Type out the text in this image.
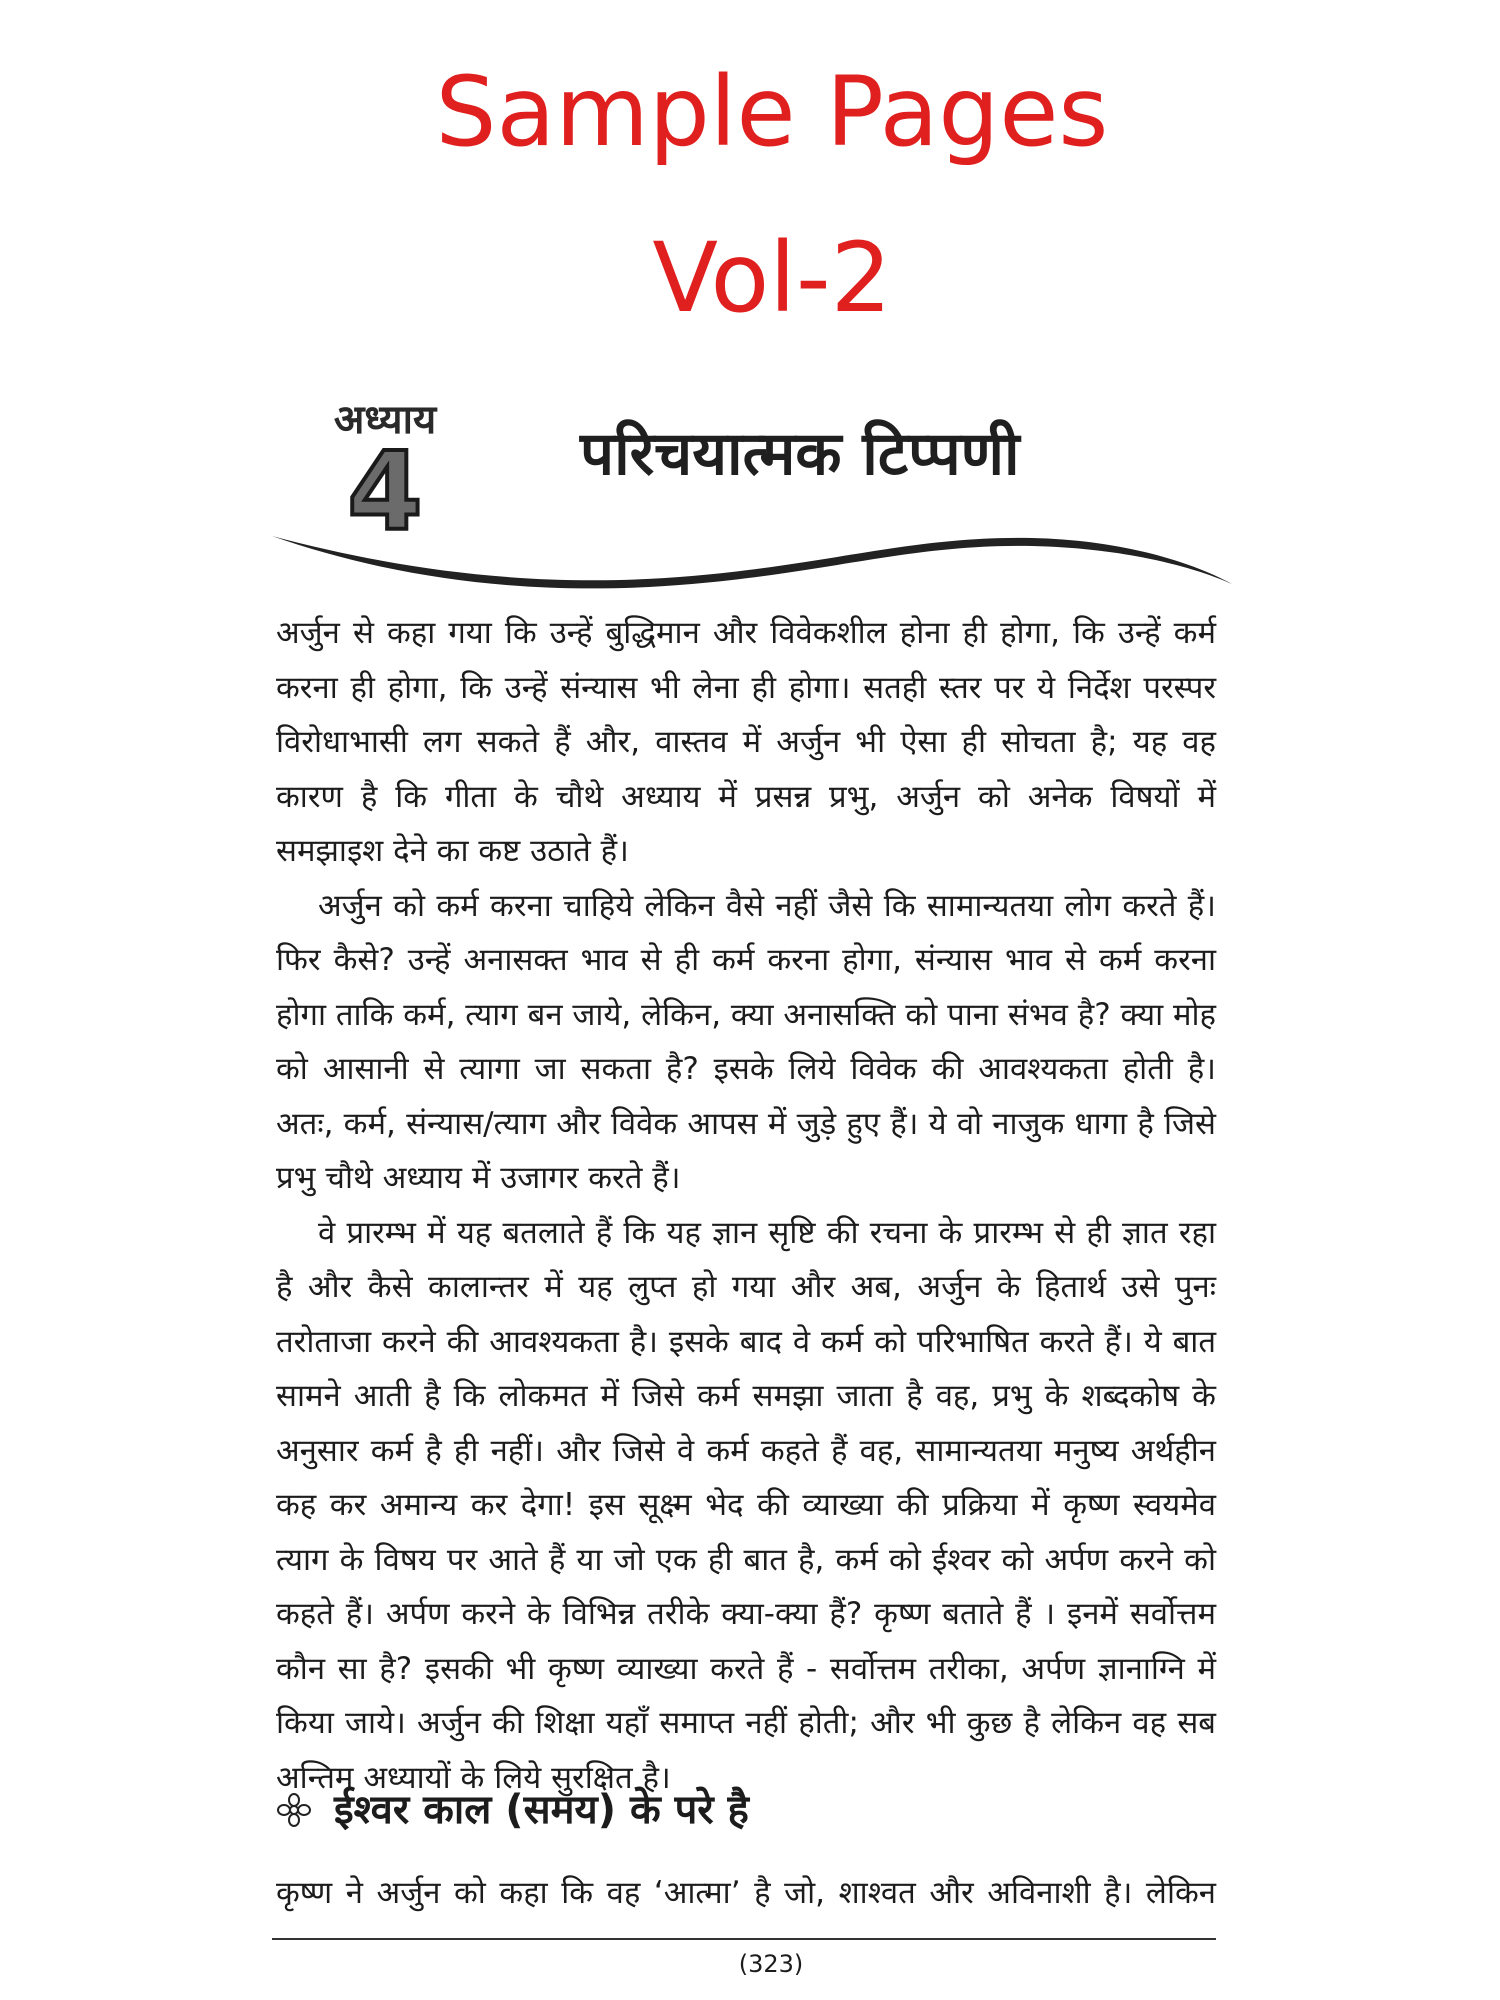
Sample Pages
Vol-2
अध्याय
4	परिचयात्मक टिप्पणी

अर्जुन से कहा गया कि उन्हें बुद्धिमान और विवेकशील होना ही होगा, कि उन्हें कर्म करना ही होगा, कि उन्हें संन्यास भी लेना ही होगा। सतही स्तर पर ये निर्देश परस्पर विरोधाभासी लग सकते हैं और, वास्तव में अर्जुन भी ऐसा ही सोचता है; यह वह कारण है कि गीता के चौथे अध्याय में प्रसन्न प्रभु, अर्जुन को अनेक विषयों में समझाइश देने का कष्ट उठाते हैं।

अर्जुन को कर्म करना चाहिये लेकिन वैसे नहीं जैसे कि सामान्यतया लोग करते हैं। फिर कैसे? उन्हें अनासक्त भाव से ही कर्म करना होगा, संन्यास भाव से कर्म करना होगा ताकि कर्म, त्याग बन जाये, लेकिन, क्या अनासक्ति को पाना संभव है? क्या मोह को आसानी से त्यागा जा सकता है? इसके लिये विवेक की आवश्यकता होती है। अतः, कर्म, संन्यास/त्याग और विवेक आपस में जुड़े हुए हैं। ये वो नाजुक धागा है जिसे प्रभु चौथे अध्याय में उजागर करते हैं।

वे प्रारम्भ में यह बतलाते हैं कि यह ज्ञान सृष्टि की रचना के प्रारम्भ से ही ज्ञात रहा है और कैसे कालान्तर में यह लुप्त हो गया और अब, अर्जुन के हितार्थ उसे पुनः तरोताजा करने की आवश्यकता है। इसके बाद वे कर्म को परिभाषित करते हैं। ये बात सामने आती है कि लोकमत में जिसे कर्म समझा जाता है वह, प्रभु के शब्दकोष के अनुसार कर्म है ही नहीं। और जिसे वे कर्म कहते हैं वह, सामान्यतया मनुष्य अर्थहीन कह कर अमान्य कर देगा! इस सूक्ष्म भेद की व्याख्या की प्रक्रिया में कृष्ण स्वयमेव त्याग के विषय पर आते हैं या जो एक ही बात है, कर्म को ईश्वर को अर्पण करने को कहते हैं। अर्पण करने के विभिन्न तरीके क्या-क्या हैं? कृष्ण बताते हैं । इनमें सर्वोत्तम कौन सा है? इसकी भी कृष्ण व्याख्या करते हैं - सर्वोत्तम तरीका, अर्पण ज्ञानाग्नि में किया जाये। अर्जुन की शिक्षा यहाँ समाप्त नहीं होती; और भी कुछ है लेकिन वह सब अन्तिम अध्यायों के लिये सुरक्षित है।

ईश्वर काल (समय) के परे है
कृष्ण ने अर्जुन को कहा कि वह ‘आत्मा’ है जो, शाश्वत और अविनाशी है। लेकिन
(323)
